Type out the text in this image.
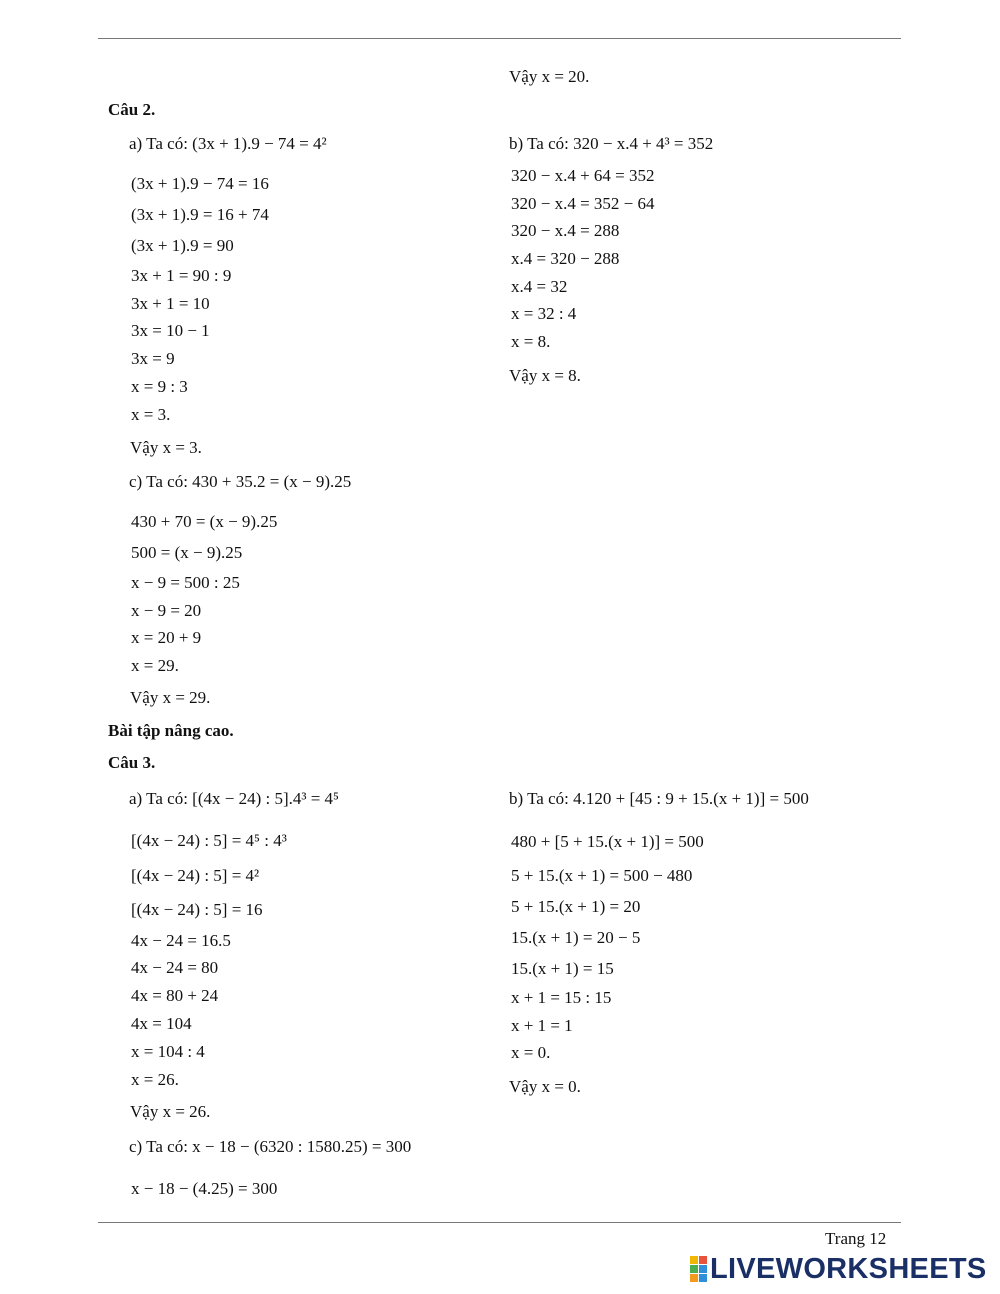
Vậy x = 20.
Câu 2.
a) Ta có: (3x + 1).9 − 74 = 4²
(3x + 1).9 − 74 = 16
(3x + 1).9 = 16 + 74
(3x + 1).9 = 90
3x + 1 = 90 : 9
3x + 1 = 10
3x = 10 − 1
3x = 9
x = 9 : 3
x = 3.
Vậy x = 3.
b) Ta có: 320 − x.4 + 4³ = 352
320 − x.4 + 64 = 352
320 − x.4 = 352 − 64
320 − x.4 = 288
x.4 = 320 − 288
x.4 = 32
x = 32 : 4
x = 8.
Vậy x = 8.
c) Ta có: 430 + 35.2 = (x − 9).25
430 + 70 = (x − 9).25
500 = (x − 9).25
x − 9 = 500 : 25
x − 9 = 20
x = 20 + 9
x = 29.
Vậy x = 29.
Bài tập nâng cao.
Câu 3.
a) Ta có: [(4x − 24) : 5].4³ = 4⁵
[(4x − 24) : 5] = 4⁵ : 4³
[(4x − 24) : 5] = 4²
[(4x − 24) : 5] = 16
4x − 24 = 16.5
4x − 24 = 80
4x = 80 + 24
4x = 104
x = 104 : 4
x = 26.
Vậy x = 26.
b) Ta có: 4.120 + [45 : 9 + 15.(x + 1)] = 500
480 + [5 + 15.(x + 1)] = 500
5 + 15.(x + 1) = 500 − 480
5 + 15.(x + 1) = 20
15.(x + 1) = 20 − 5
15.(x + 1) = 15
x + 1 = 15 : 15
x + 1 = 1
x = 0.
Vậy x = 0.
c) Ta có: x − 18 − (6320 : 1580.25) = 300
x − 18 − (4.25) = 300
Trang 12
LIVEWORKSHEETS
